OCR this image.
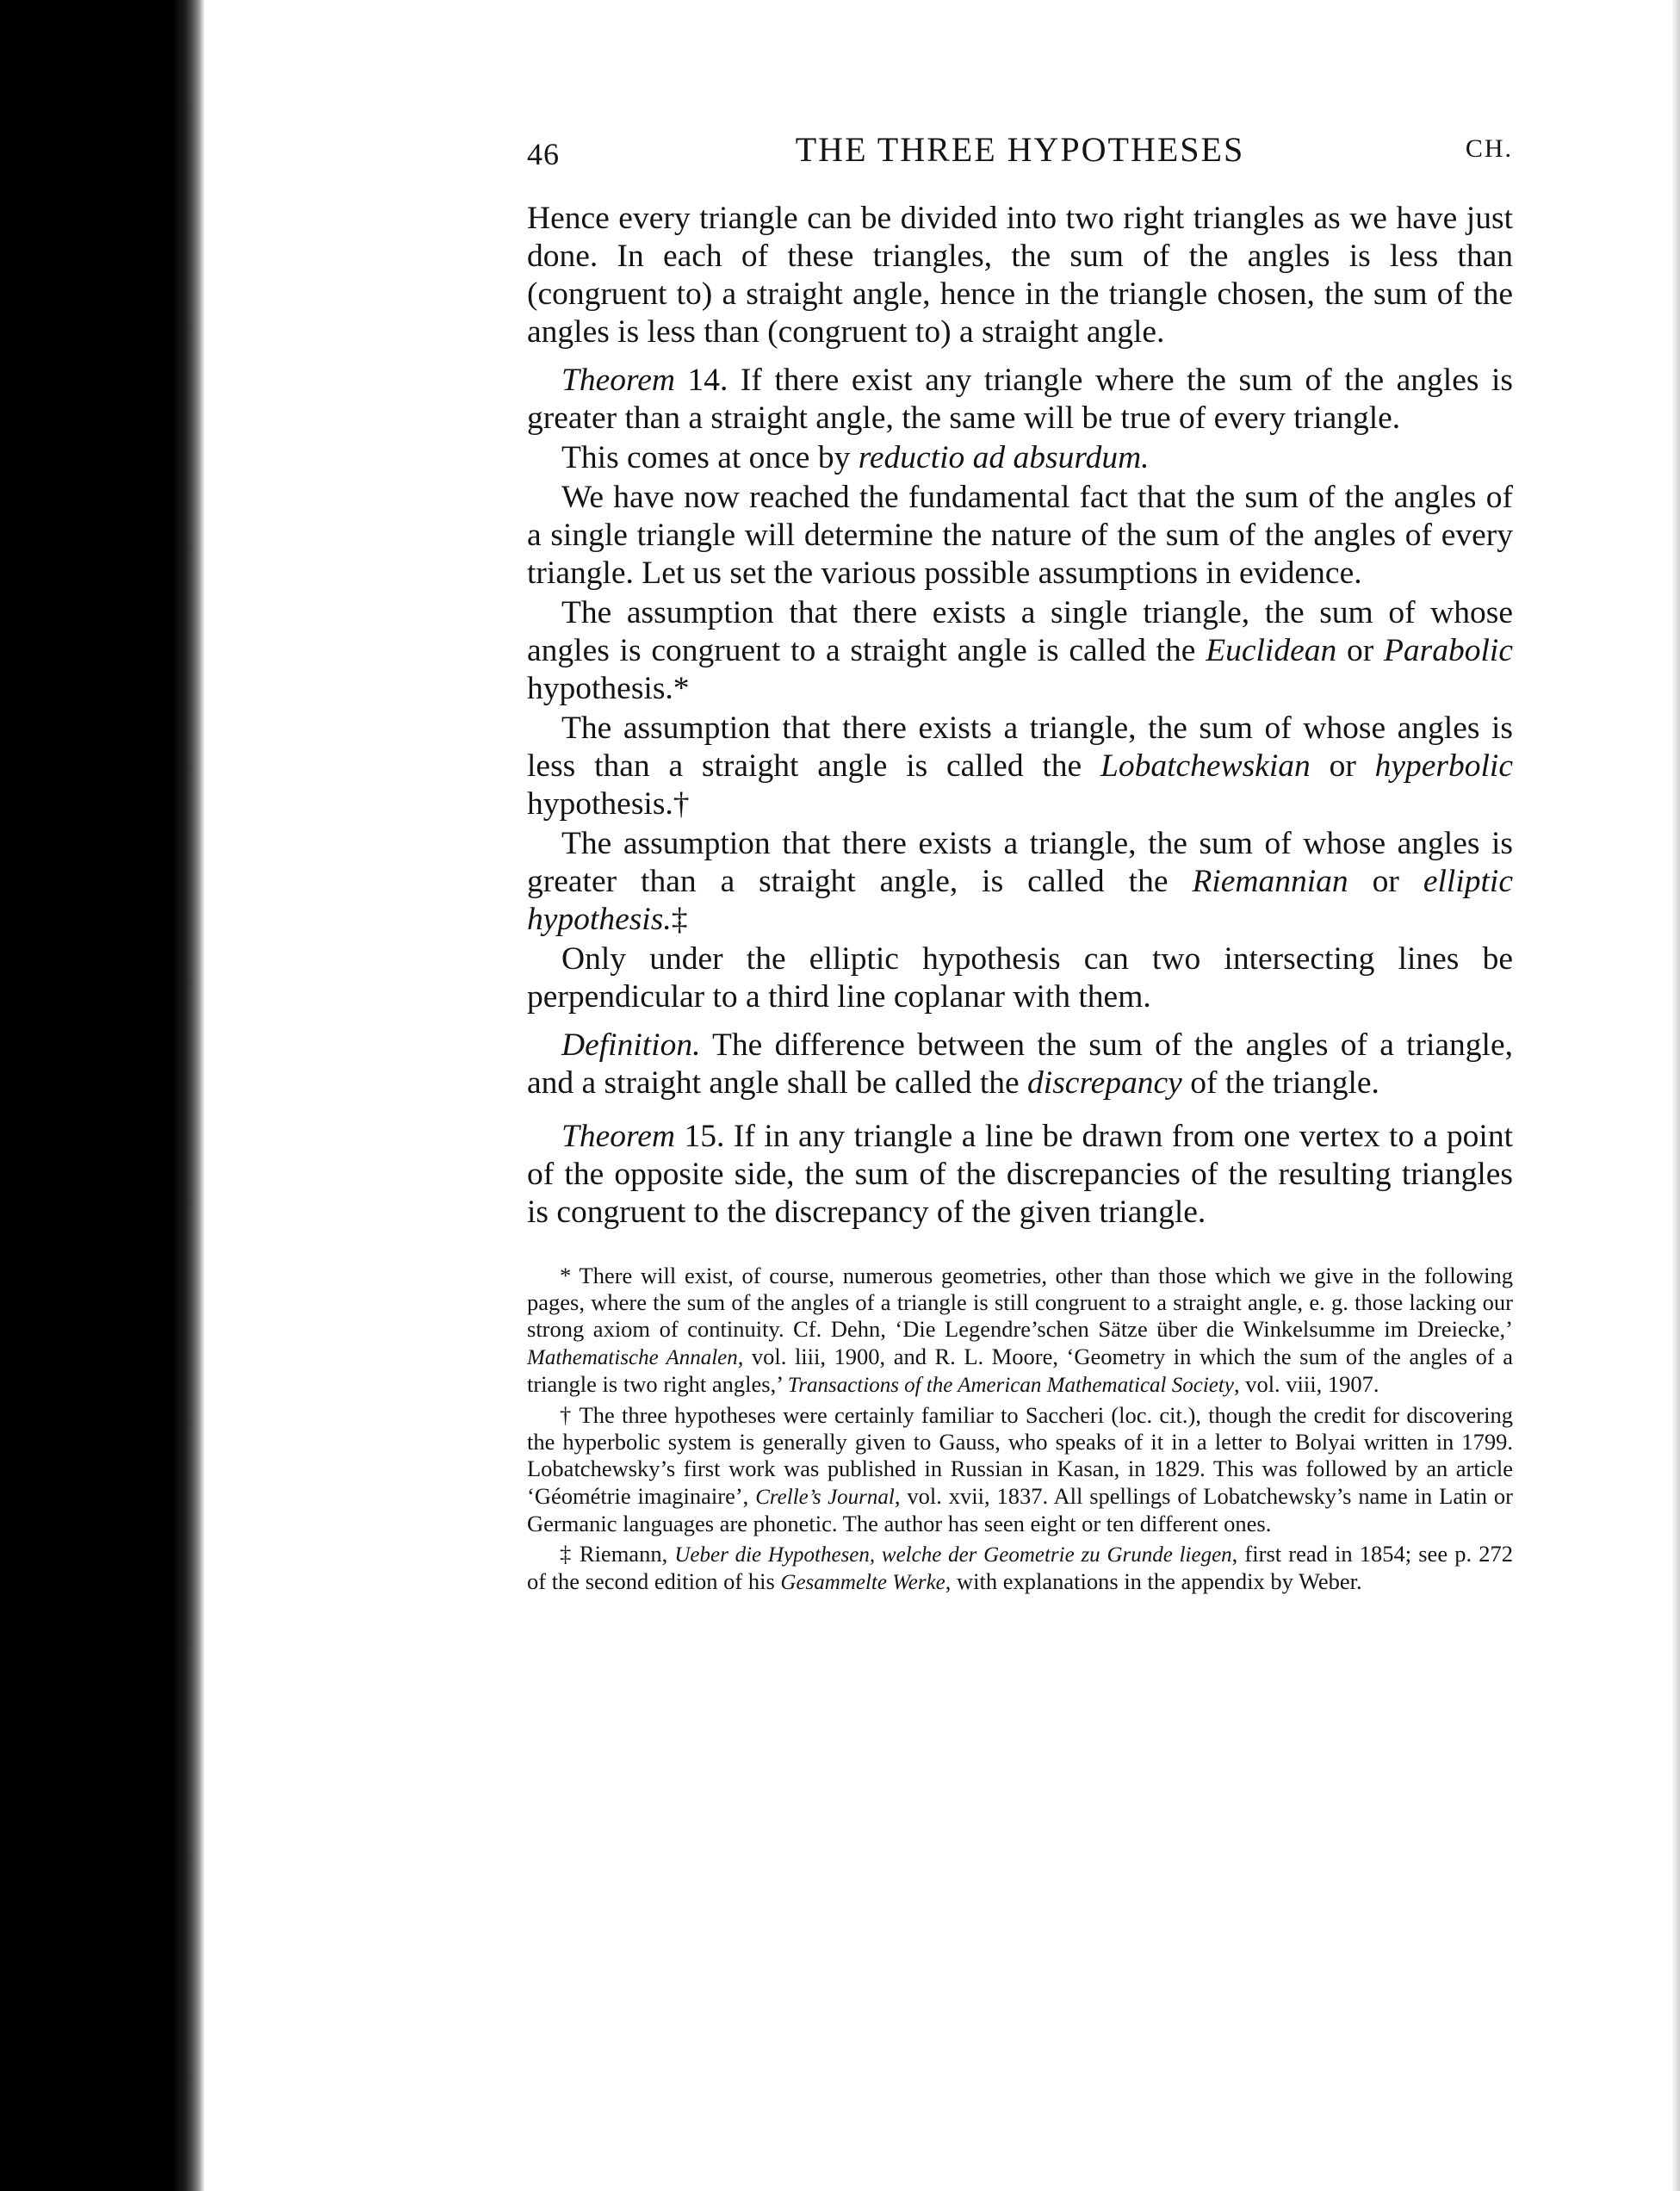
46	THE THREE HYPOTHESES	CH.

Hence every triangle can be divided into two right triangles as we have just done. In each of these triangles, the sum of the angles is less than (congruent to) a straight angle, hence in the triangle chosen, the sum of the angles is less than (congruent to) a straight angle.

Theorem 14. If there exist any triangle where the sum of the angles is greater than a straight angle, the same will be true of every triangle.

This comes at once by reductio ad absurdum.

We have now reached the fundamental fact that the sum of the angles of a single triangle will determine the nature of the sum of the angles of every triangle. Let us set the various possible assumptions in evidence.

The assumption that there exists a single triangle, the sum of whose angles is congruent to a straight angle is called the Euclidean or Parabolic hypothesis.*

The assumption that there exists a triangle, the sum of whose angles is less than a straight angle is called the Lobatchewskian or hyperbolic hypothesis.†

The assumption that there exists a triangle, the sum of whose angles is greater than a straight angle, is called the Riemannian or elliptic hypothesis.‡

Only under the elliptic hypothesis can two intersecting lines be perpendicular to a third line coplanar with them.

Definition. The difference between the sum of the angles of a triangle, and a straight angle shall be called the discrepancy of the triangle.

Theorem 15. If in any triangle a line be drawn from one vertex to a point of the opposite side, the sum of the discrepancies of the resulting triangles is congruent to the discrepancy of the given triangle.

* There will exist, of course, numerous geometries, other than those which we give in the following pages, where the sum of the angles of a triangle is still congruent to a straight angle, e. g. those lacking our strong axiom of continuity. Cf. Dehn, ‘Die Legendre’schen Sätze über die Winkelsumme im Dreiecke,’ Mathematische Annalen, vol. liii, 1900, and R. L. Moore, ‘Geometry in which the sum of the angles of a triangle is two right angles,’ Transactions of the American Mathematical Society, vol. viii, 1907.

† The three hypotheses were certainly familiar to Saccheri (loc. cit.), though the credit for discovering the hyperbolic system is generally given to Gauss, who speaks of it in a letter to Bolyai written in 1799. Lobatchewsky’s first work was published in Russian in Kasan, in 1829. This was followed by an article ‘Géométrie imaginaire’, Crelle’s Journal, vol. xvii, 1837. All spellings of Lobatchewsky’s name in Latin or Germanic languages are phonetic. The author has seen eight or ten different ones.

‡ Riemann, Ueber die Hypothesen, welche der Geometrie zu Grunde liegen, first read in 1854; see p. 272 of the second edition of his Gesammelte Werke, with explanations in the appendix by Weber.
